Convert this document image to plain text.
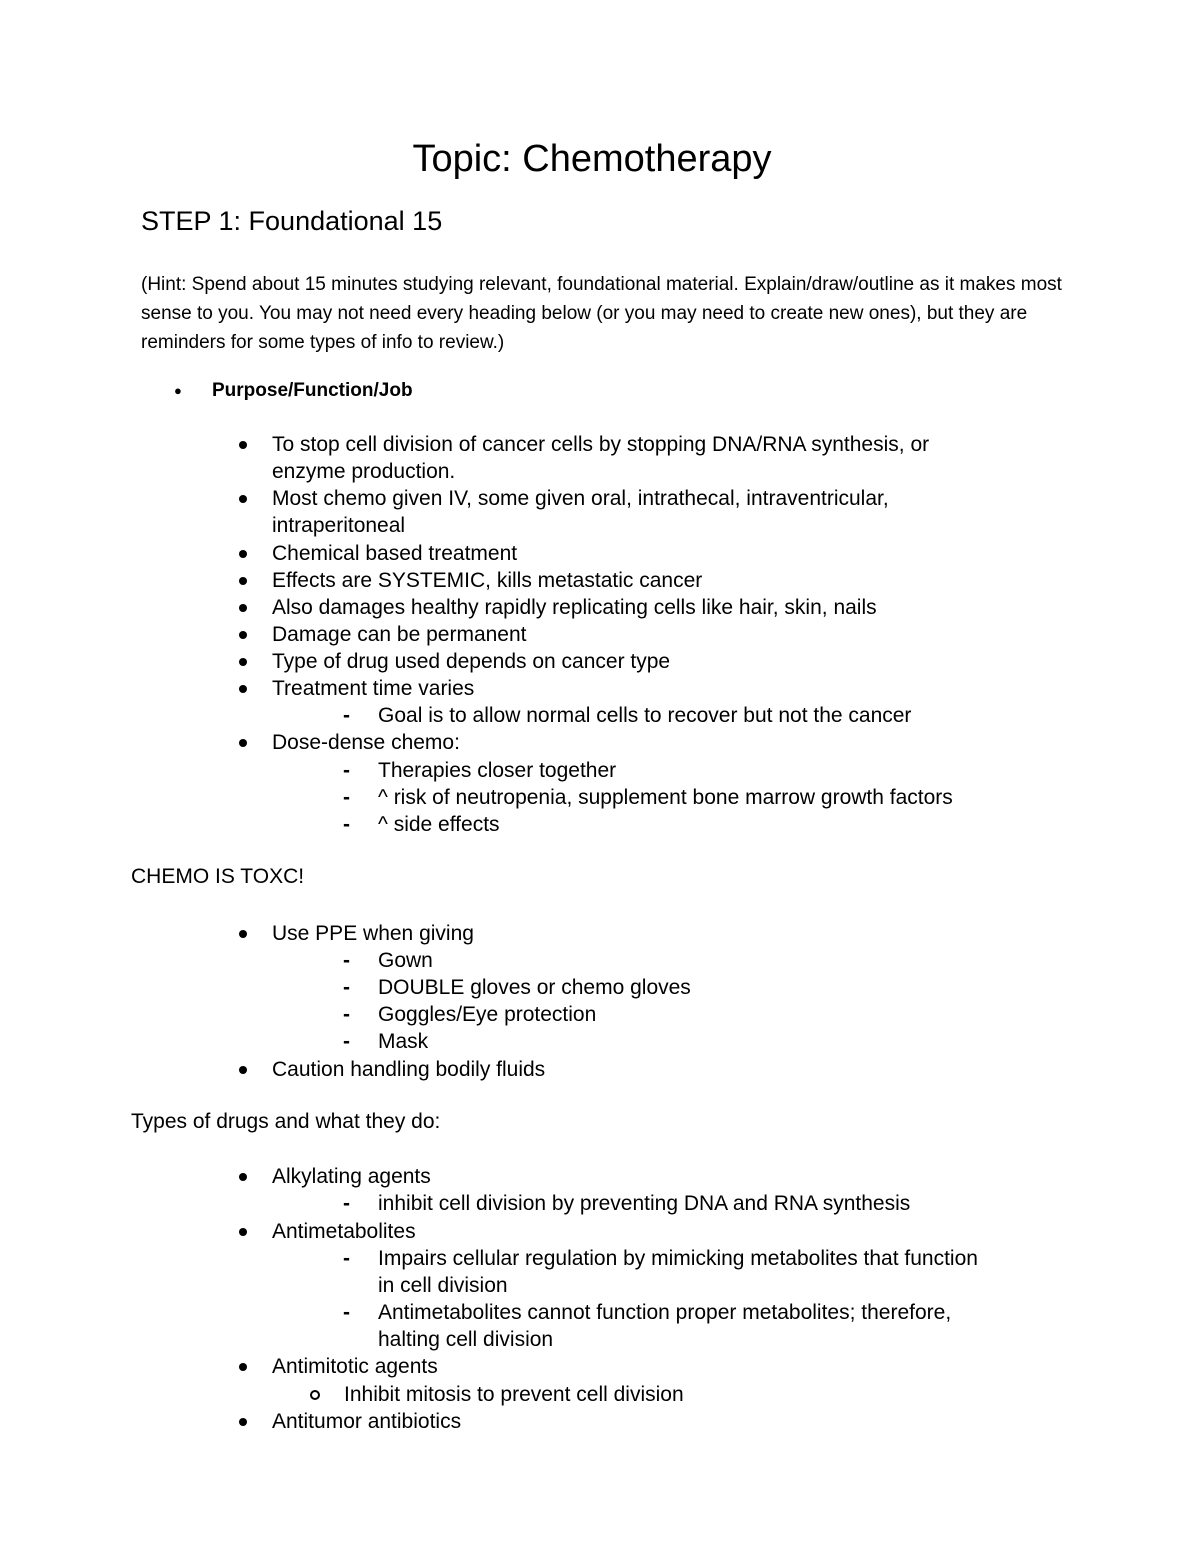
Topic: Chemotherapy
STEP 1: Foundational 15
(Hint: Spend about 15 minutes studying relevant, foundational material. Explain/draw/outline as it makes most sense to you. You may not need every heading below (or you may need to create new ones), but they are reminders for some types of info to review.)
● Purpose/Function/Job
To stop cell division of cancer cells by stopping DNA/RNA synthesis, or
enzyme production.
Most chemo given IV, some given oral, intrathecal, intraventricular,
intraperitoneal
Chemical based treatment
Effects are SYSTEMIC, kills metastatic cancer
Also damages healthy rapidly replicating cells like hair, skin, nails
Damage can be permanent
Type of drug used depends on cancer type
Treatment time varies
- Goal is to allow normal cells to recover but not the cancer
Dose-dense chemo:
- Therapies closer together
- ^ risk of neutropenia, supplement bone marrow growth factors
- ^ side effects
CHEMO IS TOXC!
Use PPE when giving
- Gown
- DOUBLE gloves or chemo gloves
- Goggles/Eye protection
- Mask
Caution handling bodily fluids
Types of drugs and what they do:
Alkylating agents
- inhibit cell division by preventing DNA and RNA synthesis
Antimetabolites
- Impairs cellular regulation by mimicking metabolites that function
in cell division
- Antimetabolites cannot function proper metabolites; therefore,
halting cell division
Antimitotic agents
Inhibit mitosis to prevent cell division
Antitumor antibiotics
